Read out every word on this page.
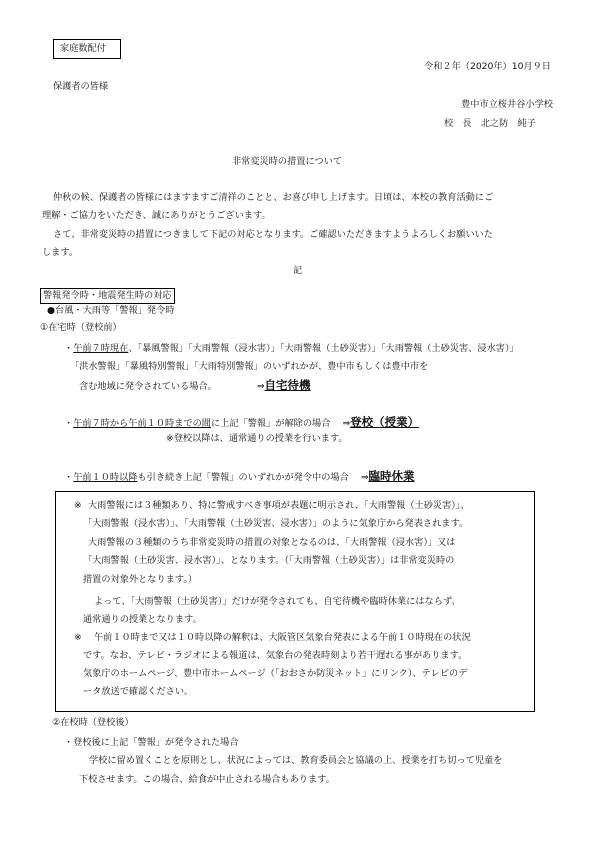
家庭数配付
令和２年（2020年）10月９日
保護者の皆様
豊中市立桜井谷小学校
校　長　北之防　純子
非常変災時の措置について
仲秋の候、保護者の皆様にはますますご清祥のことと、お喜び申し上げます。日頃は、本校の教育活動にご
理解・ご協力をいただき、誠にありがとうございます。
さて、非常変災時の措置につきまして下記の対応となります。ご確認いただきますようよろしくお願いいた
します。
記
警報発令時・地震発生時の対応
●台風・大雨等「警報」発令時
①在宅時（登校前）
・午前７時現在、「暴風警報」「大雨警報（浸水害）」「大雨警報（土砂災害）」「大雨警報（土砂災害、浸水害）」
「洪水警報」「暴風特別警報」「大雨特別警報」のいずれかが、豊中市もしくは豊中市を
含む地域に発令されている場合。	⇒自宅待機
・午前７時から午前１０時までの間に上記「警報」が解除の場合 ⇒登校（授業）
※登校以降は、通常通りの授業を行います。
・午前１０時以降も引き続き上記「警報」のいずれかが発令中の場合 ⇒臨時休業
※ 大雨警報には３種類あり、特に警戒すべき事項が表題に明示され、「大雨警報（土砂災害）」、
「大雨警報（浸水害）」、「大雨警報（土砂災害、浸水害）」のように気象庁から発表されます。
大雨警報の３種類のうち非常変災時の措置の対象となるのは、「大雨警報（浸水害）」又は
「大雨警報（土砂災害、浸水害）」、となります。（「大雨警報（土砂災害）」は非常変災時の
措置の対象外となります。）
よって、「大雨警報（土砂災害）」だけが発令されても、自宅待機や臨時休業にはならず、
通常通りの授業となります。
※ 午前１０時まで又は１０時以降の解釈は、大阪管区気象台発表による午前１０時現在の状況
です。なお、テレビ・ラジオによる報道は、気象台の発表時刻より若干遅れる事があります。
気象庁のホームページ、豊中市ホームページ（「おおさか防災ネット」にリンク）、テレビのデ
ータ放送で確認ください。
②在校時（登校後）
・登校後に上記「警報」が発令された場合
学校に留め置くことを原則とし、状況によっては、教育委員会と協議の上、授業を打ち切って児童を
下校させます。この場合、給食が中止される場合もあります。
